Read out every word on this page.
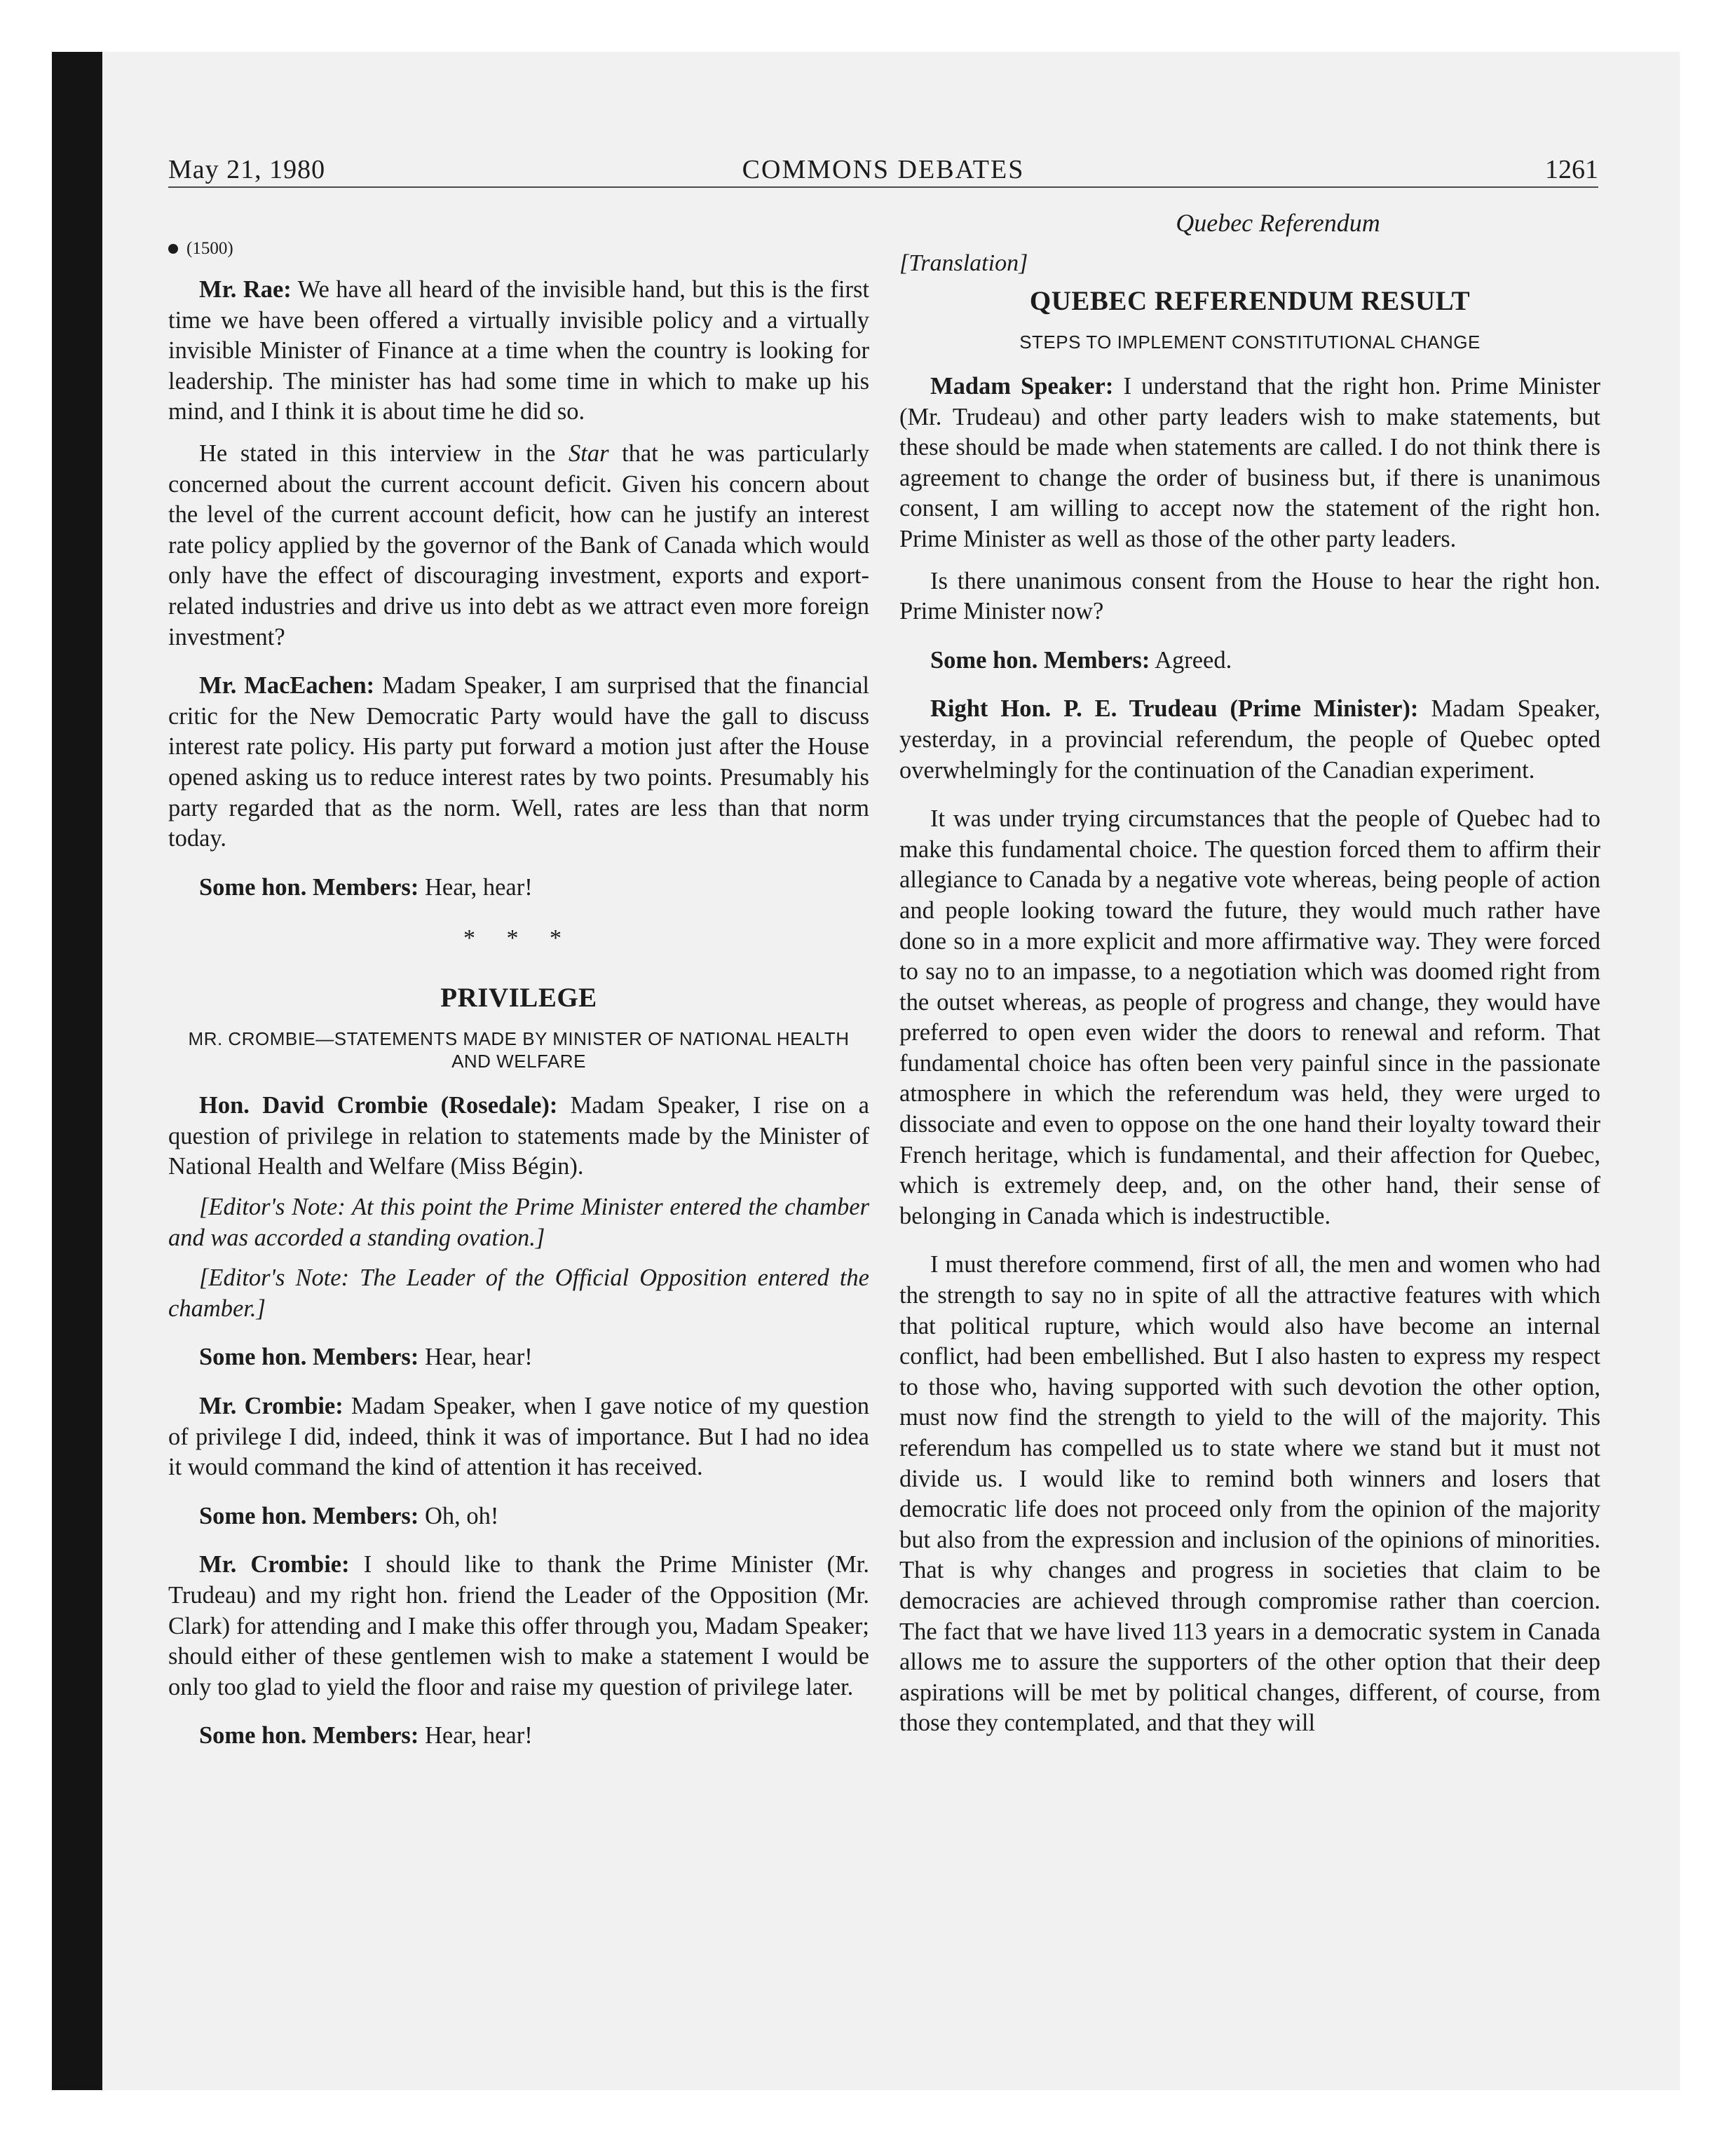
May 21, 1980	COMMONS DEBATES	1261
(1500)

Mr. Rae: We have all heard of the invisible hand, but this is the first time we have been offered a virtually invisible policy and a virtually invisible Minister of Finance at a time when the country is looking for leadership. The minister has had some time in which to make up his mind, and I think it is about time he did so.

He stated in this interview in the Star that he was particularly concerned about the current account deficit. Given his concern about the level of the current account deficit, how can he justify an interest rate policy applied by the governor of the Bank of Canada which would only have the effect of discouraging investment, exports and export-related industries and drive us into debt as we attract even more foreign investment?

Mr. MacEachen: Madam Speaker, I am surprised that the financial critic for the New Democratic Party would have the gall to discuss interest rate policy. His party put forward a motion just after the House opened asking us to reduce interest rates by two points. Presumably his party regarded that as the norm. Well, rates are less than that norm today.

Some hon. Members: Hear, hear!

* * *
PRIVILEGE
MR. CROMBIE—STATEMENTS MADE BY MINISTER OF NATIONAL HEALTH AND WELFARE

Hon. David Crombie (Rosedale): Madam Speaker, I rise on a question of privilege in relation to statements made by the Minister of National Health and Welfare (Miss Bégin).

[Editor's Note: At this point the Prime Minister entered the chamber and was accorded a standing ovation.]

[Editor's Note: The Leader of the Official Opposition entered the chamber.]

Some hon. Members: Hear, hear!

Mr. Crombie: Madam Speaker, when I gave notice of my question of privilege I did, indeed, think it was of importance. But I had no idea it would command the kind of attention it has received.

Some hon. Members: Oh, oh!

Mr. Crombie: I should like to thank the Prime Minister (Mr. Trudeau) and my right hon. friend the Leader of the Opposition (Mr. Clark) for attending and I make this offer through you, Madam Speaker; should either of these gentlemen wish to make a statement I would be only too glad to yield the floor and raise my question of privilege later.

Some hon. Members: Hear, hear!

Quebec Referendum
[Translation]
QUEBEC REFERENDUM RESULT
STEPS TO IMPLEMENT CONSTITUTIONAL CHANGE

Madam Speaker: I understand that the right hon. Prime Minister (Mr. Trudeau) and other party leaders wish to make statements, but these should be made when statements are called. I do not think there is agreement to change the order of business but, if there is unanimous consent, I am willing to accept now the statement of the right hon. Prime Minister as well as those of the other party leaders.

Is there unanimous consent from the House to hear the right hon. Prime Minister now?

Some hon. Members: Agreed.

Right Hon. P. E. Trudeau (Prime Minister): Madam Speaker, yesterday, in a provincial referendum, the people of Quebec opted overwhelmingly for the continuation of the Canadian experiment.

It was under trying circumstances that the people of Quebec had to make this fundamental choice. The question forced them to affirm their allegiance to Canada by a negative vote whereas, being people of action and people looking toward the future, they would much rather have done so in a more explicit and more affirmative way. They were forced to say no to an impasse, to a negotiation which was doomed right from the outset whereas, as people of progress and change, they would have preferred to open even wider the doors to renewal and reform. That fundamental choice has often been very painful since in the passionate atmosphere in which the referendum was held, they were urged to dissociate and even to oppose on the one hand their loyalty toward their French heritage, which is fundamental, and their affection for Quebec, which is extremely deep, and, on the other hand, their sense of belonging in Canada which is indestructible.

I must therefore commend, first of all, the men and women who had the strength to say no in spite of all the attractive features with which that political rupture, which would also have become an internal conflict, had been embellished. But I also hasten to express my respect to those who, having supported with such devotion the other option, must now find the strength to yield to the will of the majority. This referendum has compelled us to state where we stand but it must not divide us. I would like to remind both winners and losers that democratic life does not proceed only from the opinion of the majority but also from the expression and inclusion of the opinions of minorities. That is why changes and progress in societies that claim to be democracies are achieved through compromise rather than coercion. The fact that we have lived 113 years in a democratic system in Canada allows me to assure the supporters of the other option that their deep aspirations will be met by political changes, different, of course, from those they contemplated, and that they will
